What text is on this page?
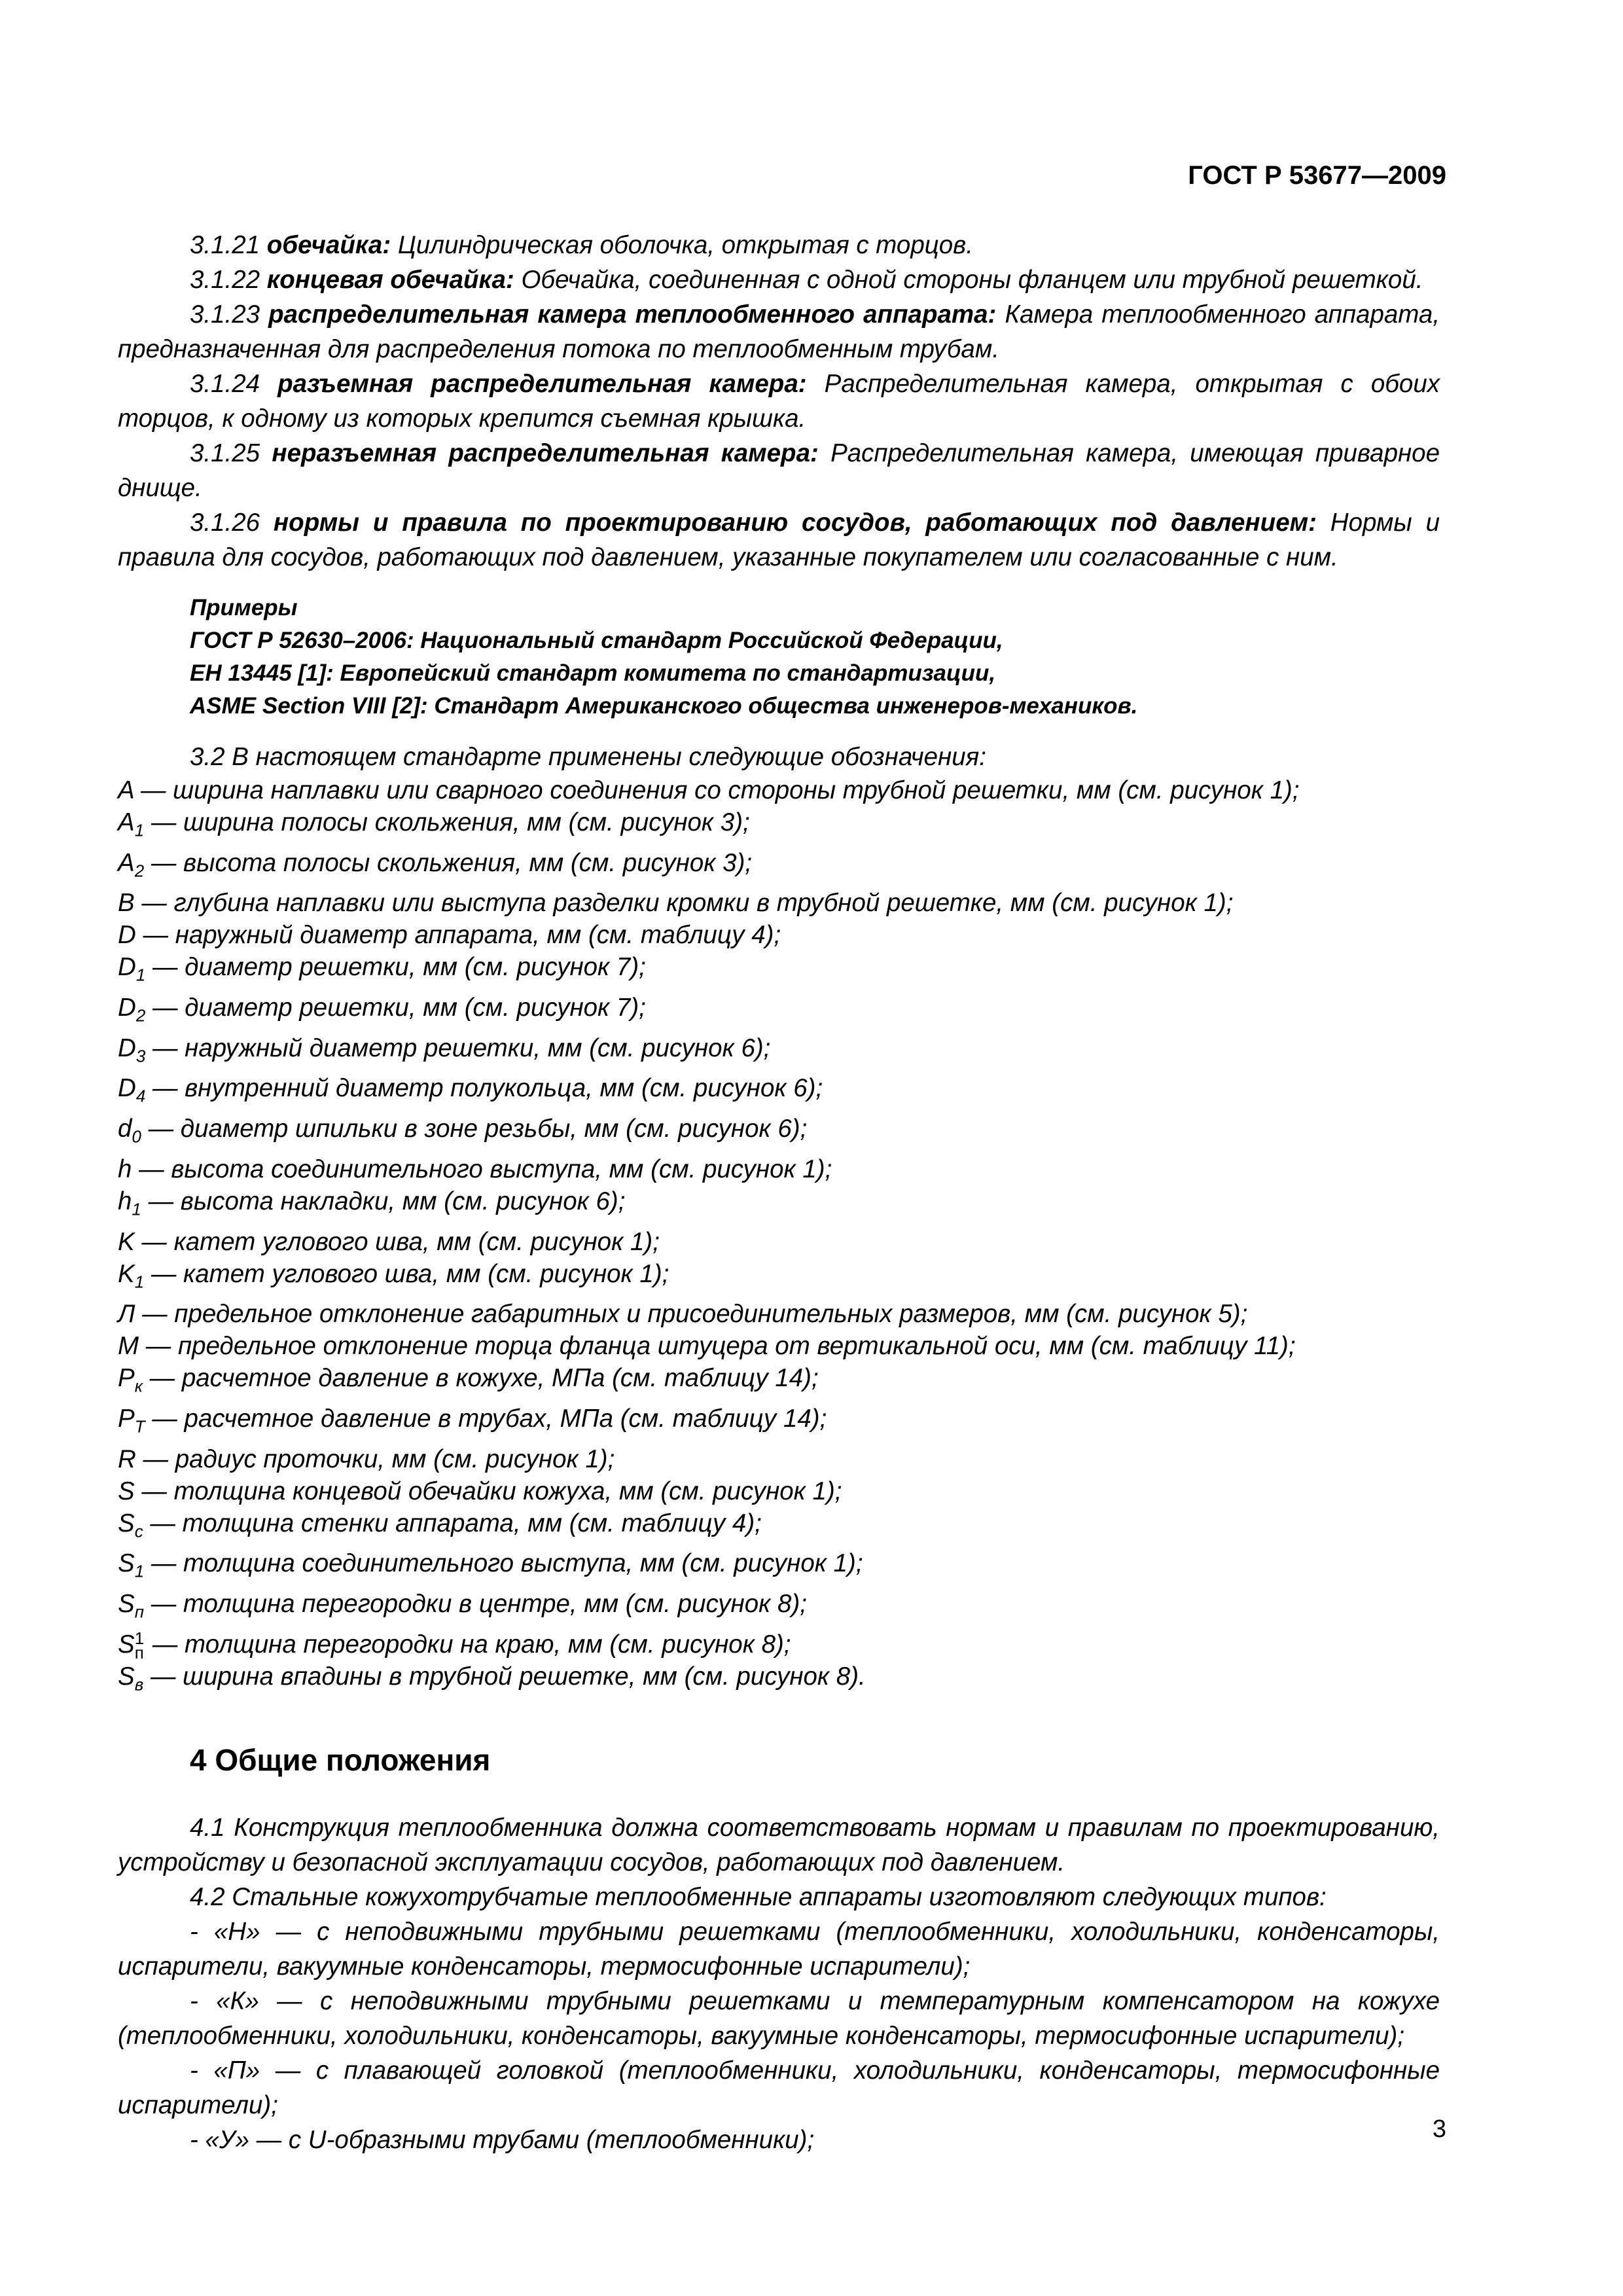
ГОСТ Р 53677—2009

3.1.21 обечайка: Цилиндрическая оболочка, открытая с торцов.

3.1.22 концевая обечайка: Обечайка, соединенная с одной стороны фланцем или трубной решеткой.

3.1.23 распределительная камера теплообменного аппарата: Камера теплообменного аппарата, предназначенная для распределения потока по теплообменным трубам.

3.1.24 разъемная распределительная камера: Распределительная камера, открытая с обоих торцов, к одному из которых крепится съемная крышка.

3.1.25 неразъемная распределительная камера: Распределительная камера, имеющая приварное днище.

3.1.26 нормы и правила по проектированию сосудов, работающих под давлением: Нормы и правила для сосудов, работающих под давлением, указанные покупателем или согласованные с ним.

Примеры
ГОСТ Р 52630–2006: Национальный стандарт Российской Федерации,
ЕН 13445 [1]: Европейский стандарт комитета по стандартизации,
ASME Section VIII [2]: Стандарт Американского общества инженеров-механиков.

3.2 В настоящем стандарте применены следующие обозначения:

A — ширина наплавки или сварного соединения со стороны трубной решетки, мм (см. рисунок 1);

$A_1$ — ширина полосы скольжения, мм (см. рисунок 3);

$A_2$ — высота полосы скольжения, мм (см. рисунок 3);

B — глубина наплавки или выступа разделки кромки в трубной решетке, мм (см. рисунок 1);

D — наружный диаметр аппарата, мм (см. таблицу 4);

$D_1$ — диаметр решетки, мм (см. рисунок 7);

$D_2$ — диаметр решетки, мм (см. рисунок 7);

$D_3$ — наружный диаметр решетки, мм (см. рисунок 6);

$D_4$ — внутренний диаметр полукольца, мм (см. рисунок 6);

$d_0$ — диаметр шпильки в зоне резьбы, мм (см. рисунок 6);

h — высота соединительного выступа, мм (см. рисунок 1);

$h_1$ — высота накладки, мм (см. рисунок 6);

K — катет углового шва, мм (см. рисунок 1);

$K_1$ — катет углового шва, мм (см. рисунок 1);

Л — предельное отклонение габаритных и присоединительных размеров, мм (см. рисунок 5);

M — предельное отклонение торца фланца штуцера от вертикальной оси, мм (см. таблицу 11);

$P_к$ — расчетное давление в кожухе, МПа (см. таблицу 14);

$P_Т$ — расчетное давление в трубах, МПа (см. таблицу 14);

R — радиус проточки, мм (см. рисунок 1);

S — толщина концевой обечайки кожуха, мм (см. рисунок 1);

$S_с$ — толщина стенки аппарата, мм (см. таблицу 4);

$S_1$ — толщина соединительного выступа, мм (см. рисунок 1);

$S_п$ — толщина перегородки в центре, мм (см. рисунок 8);

S 1
п — толщина перегородки на краю, мм (см. рисунок 8);

$S_в$ — ширина впадины в трубной решетке, мм (см. рисунок 8).

4 Общие положения

4.1 Конструкция теплообменника должна соответствовать нормам и правилам по проектированию, устройству и безопасной эксплуатации сосудов, работающих под давлением.

4.2 Стальные кожухотрубчатые теплообменные аппараты изготовляют следующих типов:

- «Н» — с неподвижными трубными решетками (теплообменники, холодильники, конденсаторы, испарители, вакуумные конденсаторы, термосифонные испарители);

- «К» — с неподвижными трубными решетками и температурным компенсатором на кожухе (теплообменники, холодильники, конденсаторы, вакуумные конденсаторы, термосифонные испарители);

- «П» — с плавающей головкой (теплообменники, холодильники, конденсаторы, термосифонные испарители);

- «У» — с U-образными трубами (теплообменники);	3
